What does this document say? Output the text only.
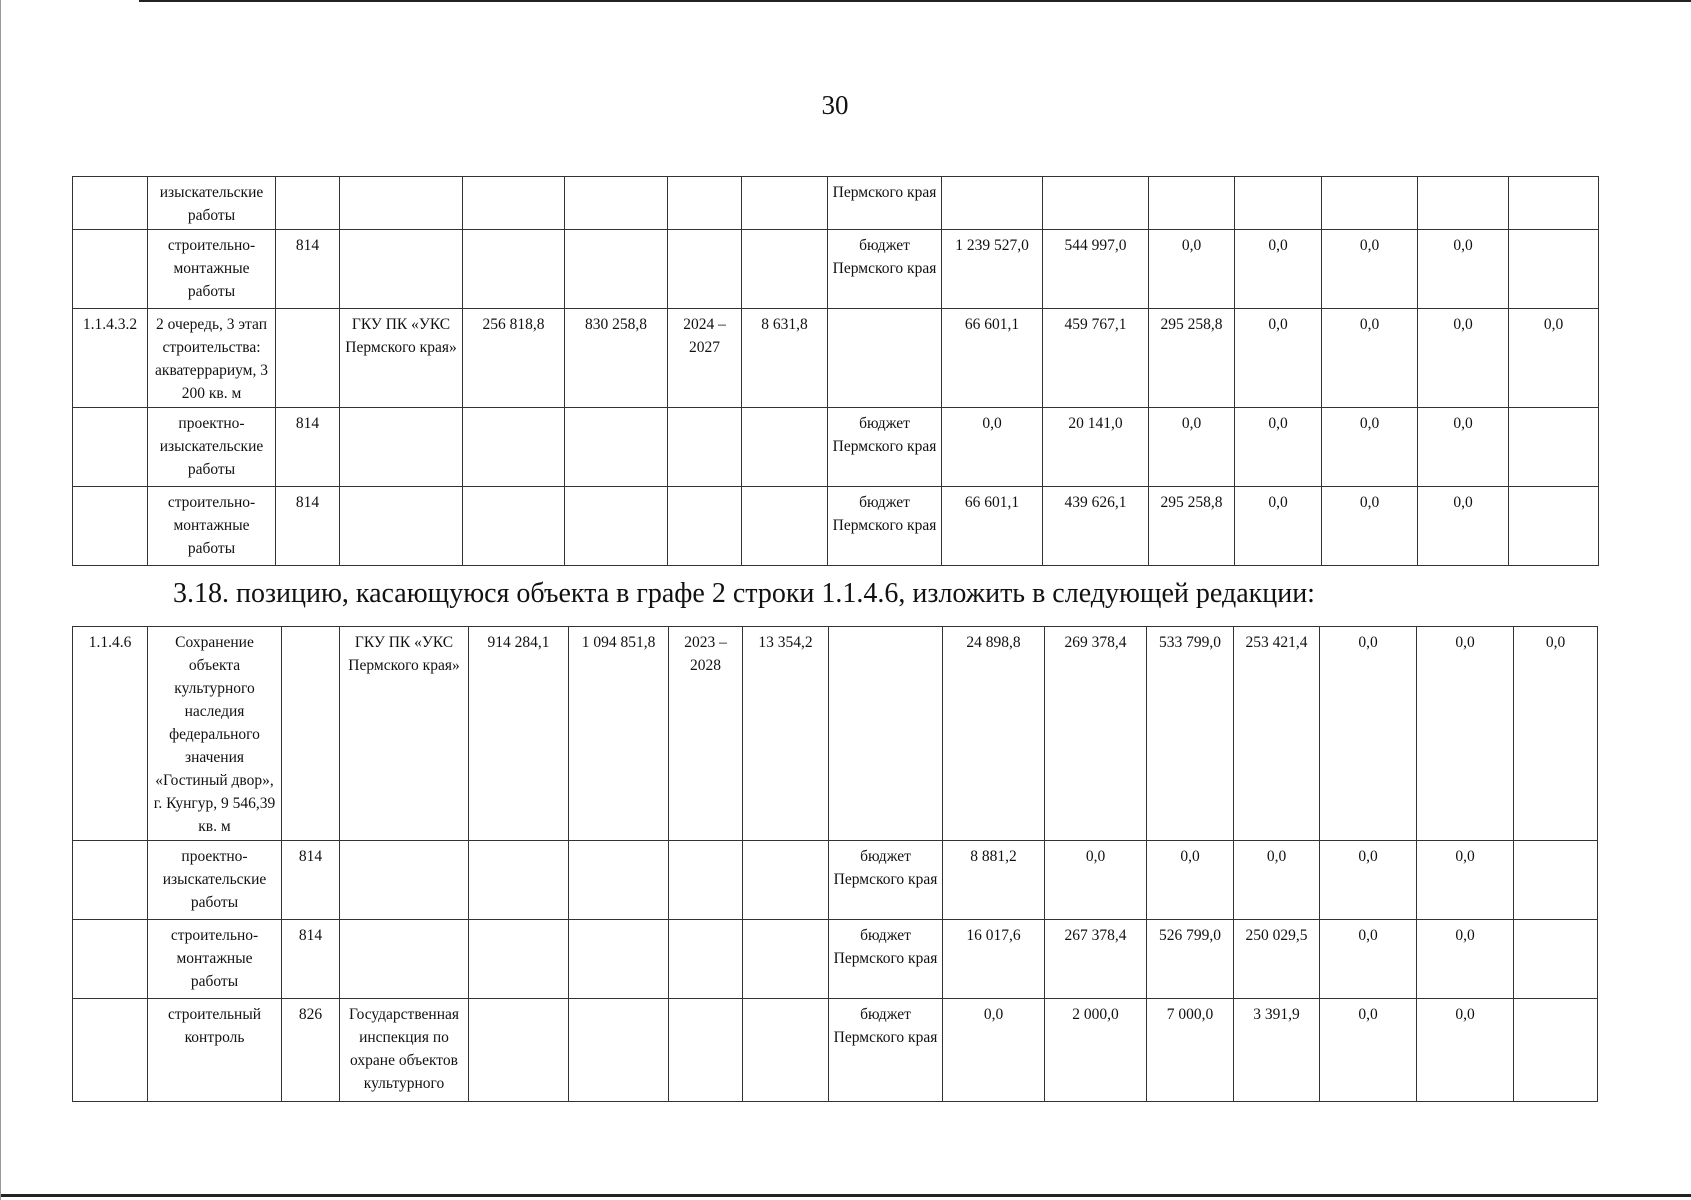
30
	изыскательские работы							Пермского края							
	строительно-монтажные работы	814						бюджет Пермского края	1 239 527,0	544 997,0	0,0	0,0	0,0	0,0	
1.1.4.3.2	2 очередь, 3 этап строительства: акватеррариум, 3 200 кв. м		ГКУ ПК «УКС Пермского края»	256 818,8	830 258,8	2024 – 2027	8 631,8		66 601,1	459 767,1	295 258,8	0,0	0,0	0,0	0,0
	проектно-изыскательские работы	814						бюджет Пермского края	0,0	20 141,0	0,0	0,0	0,0	0,0	
	строительно-монтажные работы	814						бюджет Пермского края	66 601,1	439 626,1	295 258,8	0,0	0,0	0,0	
3.18. позицию, касающуюся объекта в графе 2 строки 1.1.4.6, изложить в следующей редакции:
1.1.4.6	Сохранение объекта культурного наследия федерального значения «Гостиный двор», г. Кунгур, 9 546,39 кв. м		ГКУ ПК «УКС Пермского края»	914 284,1	1 094 851,8	2023 – 2028	13 354,2		24 898,8	269 378,4	533 799,0	253 421,4	0,0	0,0	0,0
	проектно-изыскательские работы	814						бюджет Пермского края	8 881,2	0,0	0,0	0,0	0,0	0,0	
	строительно-монтажные работы	814						бюджет Пермского края	16 017,6	267 378,4	526 799,0	250 029,5	0,0	0,0	
	строительный контроль	826	Государственная инспекция по охране объектов культурного					бюджет Пермского края	0,0	2 000,0	7 000,0	3 391,9	0,0	0,0	
